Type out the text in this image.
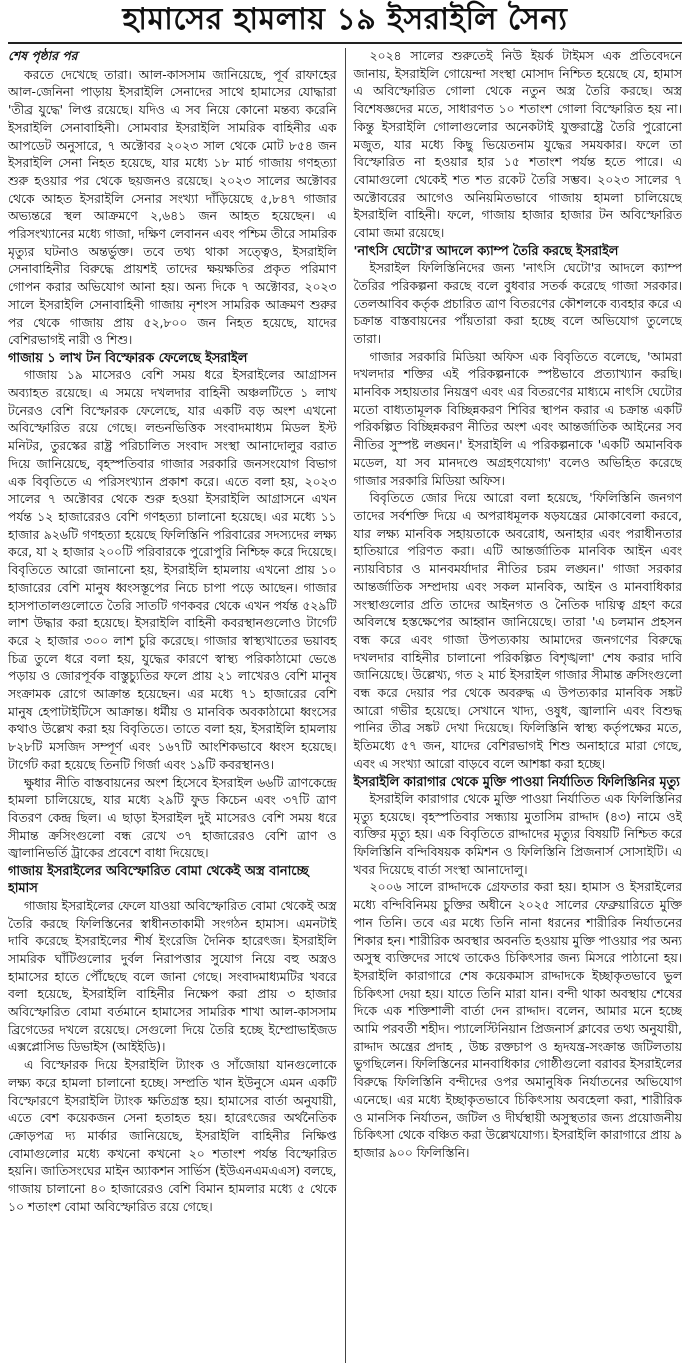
হামাসের হামলায় ১৯ ইসরাইলি সৈন্য

শেষ পৃষ্ঠার পর

করতে দেখেছে তারা। আল-কাসসাম জানিয়েছে, পূর্ব রাফাহের আল-জেনিনা পাড়ায় ইসরাইলি সেনাদের সাথে হামাসের যোদ্ধারা 'তীব্র যুদ্ধে' লিপ্ত রয়েছে। যদিও এ সব নিয়ে কোনো মন্তব্য করেনি ইসরাইলি সেনাবাহিনী। সোমবার ইসরাইলি সামরিক বাহিনীর এক আপডেট অনুসারে, ৭ অক্টোবর ২০২৩ সাল থেকে মোট ৮৫৪ জন ইসরাইলি সেনা নিহত হয়েছে, যার মধ্যে ১৮ মার্চ গাজায় গণহত্যা শুরু হওয়ার পর থেকে ছয়জনও রয়েছে। ২০২৩ সালের অক্টোবর থেকে আহত ইসরাইলি সেনার সংখ্যা দাঁড়িয়েছে ৫,৮৪৭ গাজার অভ্যন্তরে স্থল আক্রমণে ২,৬৪১ জন আহত হয়েছেন। এ পরিসংখ্যানের মধ্যে গাজা, দক্ষিণ লেবানন এবং পশ্চিম তীরে সামরিক মৃত্যুর ঘটনাও অন্তর্ভুক্ত। তবে তথ্য থাকা সত্ত্বেও, ইসরাইলি সেনাবাহিনীর বিরুদ্ধে প্রায়শই তাদের ক্ষয়ক্ষতির প্রকৃত পরিমাণ গোপন করার অভিযোগ আনা হয়। অন্য দিকে ৭ অক্টোবর, ২০২৩ সালে ইসরাইলি সেনাবাহিনী গাজায় নৃশংস সামরিক আক্রমণ শুরুর পর থেকে গাজায় প্রায় ৫২,৮০০ জন নিহত হয়েছে, যাদের বেশিরভাগই নারী ও শিশু।

গাজায় ১ লাখ টন বিস্ফোরক ফেলেছে ইসরাইল

গাজায় ১৯ মাসেরও বেশি সময় ধরে ইসরাইলের আগ্রাসন অব্যাহত রয়েছে। এ সময়ে দখলদার বাহিনী অঞ্চলটিতে ১ লাখ টনেরও বেশি বিস্ফোরক ফেলেছে, যার একটি বড় অংশ এখনো অবিস্ফোরিত রয়ে গেছে। লন্ডনভিত্তিক সংবাদমাধ্যম মিডল ইস্ট মনিটর, তুরস্কের রাষ্ট্র পরিচালিত সংবাদ সংস্থা আনাদোলুর বরাত দিয়ে জানিয়েছে, বৃহস্পতিবার গাজার সরকারি জনসংযোগ বিভাগ এক বিবৃতিতে এ পরিসংখ্যান প্রকাশ করে। এতে বলা হয়, ২০২৩ সালের ৭ অক্টোবর থেকে শুরু হওয়া ইসরাইলি আগ্রাসনে এখন পর্যন্ত ১২ হাজারেরও বেশি গণহত্যা চালানো হয়েছে। এর মধ্যে ১১ হাজার ৯২৬টি গণহত্যা হয়েছে ফিলিস্তিনি পরিবারের সদস্যদের লক্ষ্য করে, যা ২ হাজার ২০০টি পরিবারকে পুরোপুরি নিশ্চিহ্ন করে দিয়েছে। বিবৃতিতে আরো জানানো হয়, ইসরাইলি হামলায় এখনো প্রায় ১০ হাজারের বেশি মানুষ ধ্বংসস্তূপের নিচে চাপা পড়ে আছেন। গাজার হাসপাতালগুলোতে তৈরি সাতটি গণকবর থেকে এখন পর্যন্ত ৫২৯টি লাশ উদ্ধার করা হয়েছে। ইসরাইলি বাহিনী কবরস্থানগুলোও টার্গেট করে ২ হাজার ৩০০ লাশ চুরি করেছে। গাজার স্বাস্থ্যখাতের ভয়াবহ চিত্র তুলে ধরে বলা হয়, যুদ্ধের কারণে স্বাস্থ্য পরিকাঠামো ভেঙে পড়ায় ও জোরপূর্বক বাস্তুচ্যুতির ফলে প্রায় ২১ লাখেরও বেশি মানুষ সংক্রামক রোগে আক্রান্ত হয়েছেন। এর মধ্যে ৭১ হাজারের বেশি মানুষ হেপাটাইটিসে আক্রান্ত। ধর্মীয় ও মানবিক অবকাঠামো ধ্বংসের কথাও উল্লেখ করা হয় বিবৃতিতে। তাতে বলা হয়, ইসরাইলি হামলায় ৮২৮টি মসজিদ সম্পূর্ণ এবং ১৬৭টি আংশিকভাবে ধ্বংস হয়েছে। টার্গেট করা হয়েছে তিনটি গির্জা এবং ১৯টি কবরস্থানও।

ক্ষুধার নীতি বাস্তবায়নের অংশ হিসেবে ইসরাইল ৬৬টি ত্রাণকেন্দ্রে হামলা চালিয়েছে, যার মধ্যে ২৯টি ফুড কিচেন এবং ৩৭টি ত্রাণ বিতরণ কেন্দ্র ছিল। এ ছাড়া ইসরাইল দুই মাসেরও বেশি সময় ধরে সীমান্ত ক্রসিংগুলো বন্ধ রেখে ৩৭ হাজারেরও বেশি ত্রাণ ও জ্বালানিভর্তি ট্রাকের প্রবেশে বাধা দিয়েছে।

গাজায় ইসরাইলের অবিস্ফোরিত বোমা থেকেই অস্ত্র বানাচ্ছে হামাস

গাজায় ইসরাইলের ফেলে যাওয়া অবিস্ফোরিত বোমা থেকেই অস্ত্র তৈরি করছে ফিলিস্তিনের স্বাধীনতাকামী সংগঠন হামাস। এমনটাই দাবি করেছে ইসরাইলের শীর্ষ ইংরেজি দৈনিক হারেৎজ। ইসরাইলি সামরিক ঘাঁটিগুলোর দুর্বল নিরাপত্তার সুযোগ নিয়ে বহু অস্ত্রও হামাসের হাতে পৌঁছেছে বলে জানা গেছে। সংবাদমাধ্যমটির খবরে বলা হয়েছে, ইসরাইলি বাহিনীর নিক্ষেপ করা প্রায় ৩ হাজার অবিস্ফোরিত বোমা বর্তমানে হামাসের সামরিক শাখা আল-কাসসাম ব্রিগেডের দখলে রয়েছে। সেগুলো দিয়ে তৈরি হচ্ছে ইম্প্রোভাইজড এক্সপ্লোসিভ ডিভাইস (আইইডি)।

এ বিস্ফোরক দিয়ে ইসরাইলি ট্যাংক ও সাঁজোয়া যানগুলোকে লক্ষ্য করে হামলা চালানো হচ্ছে। সম্প্রতি খান ইউনুসে এমন একটি বিস্ফোরণে ইসরাইলি ট্যাংক ক্ষতিগ্রস্ত হয়। হামাসের বার্তা অনুযায়ী, এতে বেশ কয়েকজন সেনা হতাহত হয়। হারেৎজের অর্থনৈতিক ক্রোড়পত্র দ্য মার্কার জানিয়েছে, ইসরাইলি বাহিনীর নিক্ষিপ্ত বোমাগুলোর মধ্যে কখনো কখনো ২০ শতাংশ পর্যন্ত বিস্ফোরিত হয়নি। জাতিসংঘের মাইন অ্যাকশন সার্ভিস (ইউএনএমএএস) বলছে, গাজায় চালানো ৪০ হাজারেরও বেশি বিমান হামলার মধ্যে ৫ থেকে ১০ শতাংশ বোমা অবিস্ফোরিত রয়ে গেছে।

২০২৪ সালের শুরুতেই নিউ ইয়র্ক টাইমস এক প্রতিবেদনে জানায়, ইসরাইলি গোয়েন্দা সংস্থা মোসাদ নিশ্চিত হয়েছে যে, হামাস এ অবিস্ফোরিত গোলা থেকে নতুন অস্ত্র তৈরি করছে। অস্ত্র বিশেষজ্ঞদের মতে, সাধারণত ১০ শতাংশ গোলা বিস্ফোরিত হয় না। কিন্তু ইসরাইলি গোলাগুলোর অনেকটাই যুক্তরাষ্ট্রে তৈরি পুরোনো মজুত, যার মধ্যে কিছু ভিয়েতনাম যুদ্ধের সমযকার। ফলে তা বিস্ফোরিত না হওয়ার হার ১৫ শতাংশ পর্যন্ত হতে পারে। এ বোমাগুলো থেকেই শত শত রকেট তৈরি সম্ভব। ২০২৩ সালের ৭ অক্টোবরের আগেও অনিয়মিতভাবে গাজায় হামলা চালিয়েছে ইসরাইলি বাহিনী। ফলে, গাজায় হাজার হাজার টন অবিস্ফোরিত বোমা জমা রয়েছে।

'নাৎসি ঘেটো'র আদলে ক্যাম্প তৈরি করছে ইসরাইল

ইসরাইল ফিলিস্তিনিদের জন্য 'নাৎসি ঘেটো'র আদলে ক্যাম্প তৈরির পরিকল্পনা করছে বলে বুধবার সতর্ক করেছে গাজা সরকার। তেলআবিব কর্তৃক প্রচারিত ত্রাণ বিতরণের কৌশলকে ব্যবহার করে এ চক্রান্ত বাস্তবায়নের পাঁয়তারা করা হচ্ছে বলে অভিযোগ তুলেছে তারা।

গাজার সরকারি মিডিয়া অফিস এক বিবৃতিতে বলেছে, 'আমরা দখলদার শক্তির এই পরিকল্পনাকে স্পষ্টভাবে প্রত্যাখ্যান করছি। মানবিক সহায়তার নিয়ন্ত্রণ এবং এর বিতরণের মাধ্যমে নাৎসি ঘেটোর মতো বাধ্যতামূলক বিচ্ছিন্নকরণ শিবির স্থাপন করার এ চক্রান্ত একটি পরিকল্পিত বিচ্ছিন্নকরণ নীতির অংশ এবং আন্তর্জাতিক আইনের সব নীতির সুস্পষ্ট লঙ্ঘন।' ইসরাইলি এ পরিকল্পনাকে 'একটি অমানবিক মডেল, যা সব মানদণ্ডে অগ্রহণযোগ্য' বলেও অভিহিত করেছে গাজার সরকারি মিডিয়া অফিস।

বিবৃতিতে জোর দিয়ে আরো বলা হয়েছে, 'ফিলিস্তিনি জনগণ তাদের সর্বশক্তি দিয়ে এ অপরাধমূলক ষড়যন্ত্রের মোকাবেলা করবে, যার লক্ষ্য মানবিক সহায়তাকে অবরোধ, অনাহার এবং পরাধীনতার হাতিয়ারে পরিণত করা। এটি আন্তর্জাতিক মানবিক আইন এবং ন্যায়বিচার ও মানবমর্যাদার নীতির চরম লঙ্ঘন।' গাজা সরকার আন্তর্জাতিক সম্প্রদায় এবং সকল মানবিক, আইন ও মানবাধিকার সংস্থাগুলোর প্রতি তাদের আইনগত ও নৈতিক দায়িত্ব গ্রহণ করে অবিলম্বে হস্তক্ষেপের আহ্বান জানিয়েছে। তারা 'এ চলমান প্রহসন বন্ধ করে এবং গাজা উপত্যকায় আমাদের জনগণের বিরুদ্ধে দখলদার বাহিনীর চালানো পরিকল্পিত বিশৃঙ্খলা' শেষ করার দাবি জানিয়েছে। উল্লেখ্য, গত ২ মার্চ ইসরাইল গাজার সীমান্ত ক্রসিংগুলো বন্ধ করে দেয়ার পর থেকে অবরুদ্ধ এ উপত্যকার মানবিক সঙ্কট আরো গভীর হয়েছে। সেখানে খাদ্য, ওষুধ, জ্বালানি এবং বিশুদ্ধ পানির তীব্র সঙ্কট দেখা দিয়েছে। ফিলিস্তিনি স্বাস্থ্য কর্তৃপক্ষের মতে, ইতিমধ্যে ৫৭ জন, যাদের বেশিরভাগই শিশু অনাহারে মারা গেছে, এবং এ সংখ্যা আরো বাড়বে বলে আশঙ্কা করা হচ্ছে।

ইসরাইলি কারাগার থেকে মুক্তি পাওয়া নির্যাতিত ফিলিস্তিনির মৃত্যু

ইসরাইলি কারাগার থেকে মুক্তি পাওয়া নির্যাতিত এক ফিলিস্তিনির মৃত্যু হয়েছে। বৃহস্পতিবার সন্ধ্যায় মুতাসিম রাদ্দাদ (৪৩) নামে ওই ব্যক্তির মৃত্যু হয়। এক বিবৃতিতে রাদ্দাদের মৃত্যুর বিষয়টি নিশ্চিত করে ফিলিস্তিনি বন্দিবিষয়ক কমিশন ও ফিলিস্তিনি প্রিজনার্স সোসাইটি। এ খবর দিয়েছে বার্তা সংস্থা আনাদোলু।

২০০৬ সালে রাদ্দাদকে গ্রেফতার করা হয়। হামাস ও ইসরাইলের মধ্যে বন্দিবিনিময় চুক্তির অধীনে ২০২৫ সালের ফেব্রুয়ারিতে মুক্তি পান তিনি। তবে এর মধ্যে তিনি নানা ধরনের শারীরিক নির্যাতনের শিকার হন। শারীরিক অবস্থার অবনতি হওয়ায় মুক্তি পাওয়ার পর অন্য অসুস্থ ব্যক্তিদের সাথে তাকেও চিকিৎসার জন্য মিসরে পাঠানো হয়। ইসরাইলি কারাগারে শেষ কয়েকমাস রাদ্দাদকে ইচ্ছাকৃতভাবে ভুল চিকিৎসা দেয়া হয়। যাতে তিনি মারা যান। বন্দী থাকা অবস্থায় শেষের দিকে এক শক্তিশালী বার্তা দেন রাদ্দাদ। বলেন, আমার মনে হচ্ছে আমি পরবর্তী শহীদ। প্যালেস্টিনিয়ান প্রিজনার্স ক্লাবের তথ্য অনুযায়ী, রাদ্দাদ অন্ত্রের প্রদাহ , উচ্চ রক্তচাপ ও হৃদযন্ত্র-সংক্রান্ত জটিলতায় ভুগছিলেন। ফিলিস্তিনের মানবাধিকার গোষ্ঠীগুলো বরাবর ইসরাইলের বিরুদ্ধে ফিলিস্তিনি বন্দীদের ওপর অমানুষিক নির্যাতনের অভিযোগ এনেছে। এর মধ্যে ইচ্ছাকৃতভাবে চিকিৎসায় অবহেলা করা, শারীরিক ও মানসিক নির্যাতন, জটিল ও দীর্ঘস্থায়ী অসুস্থতার জন্য প্রয়োজনীয় চিকিৎসা থেকে বঞ্চিত করা উল্লেখযোগ্য। ইসরাইলি কারাগারে প্রায় ৯ হাজার ৯০০ ফিলিস্তিনি।
